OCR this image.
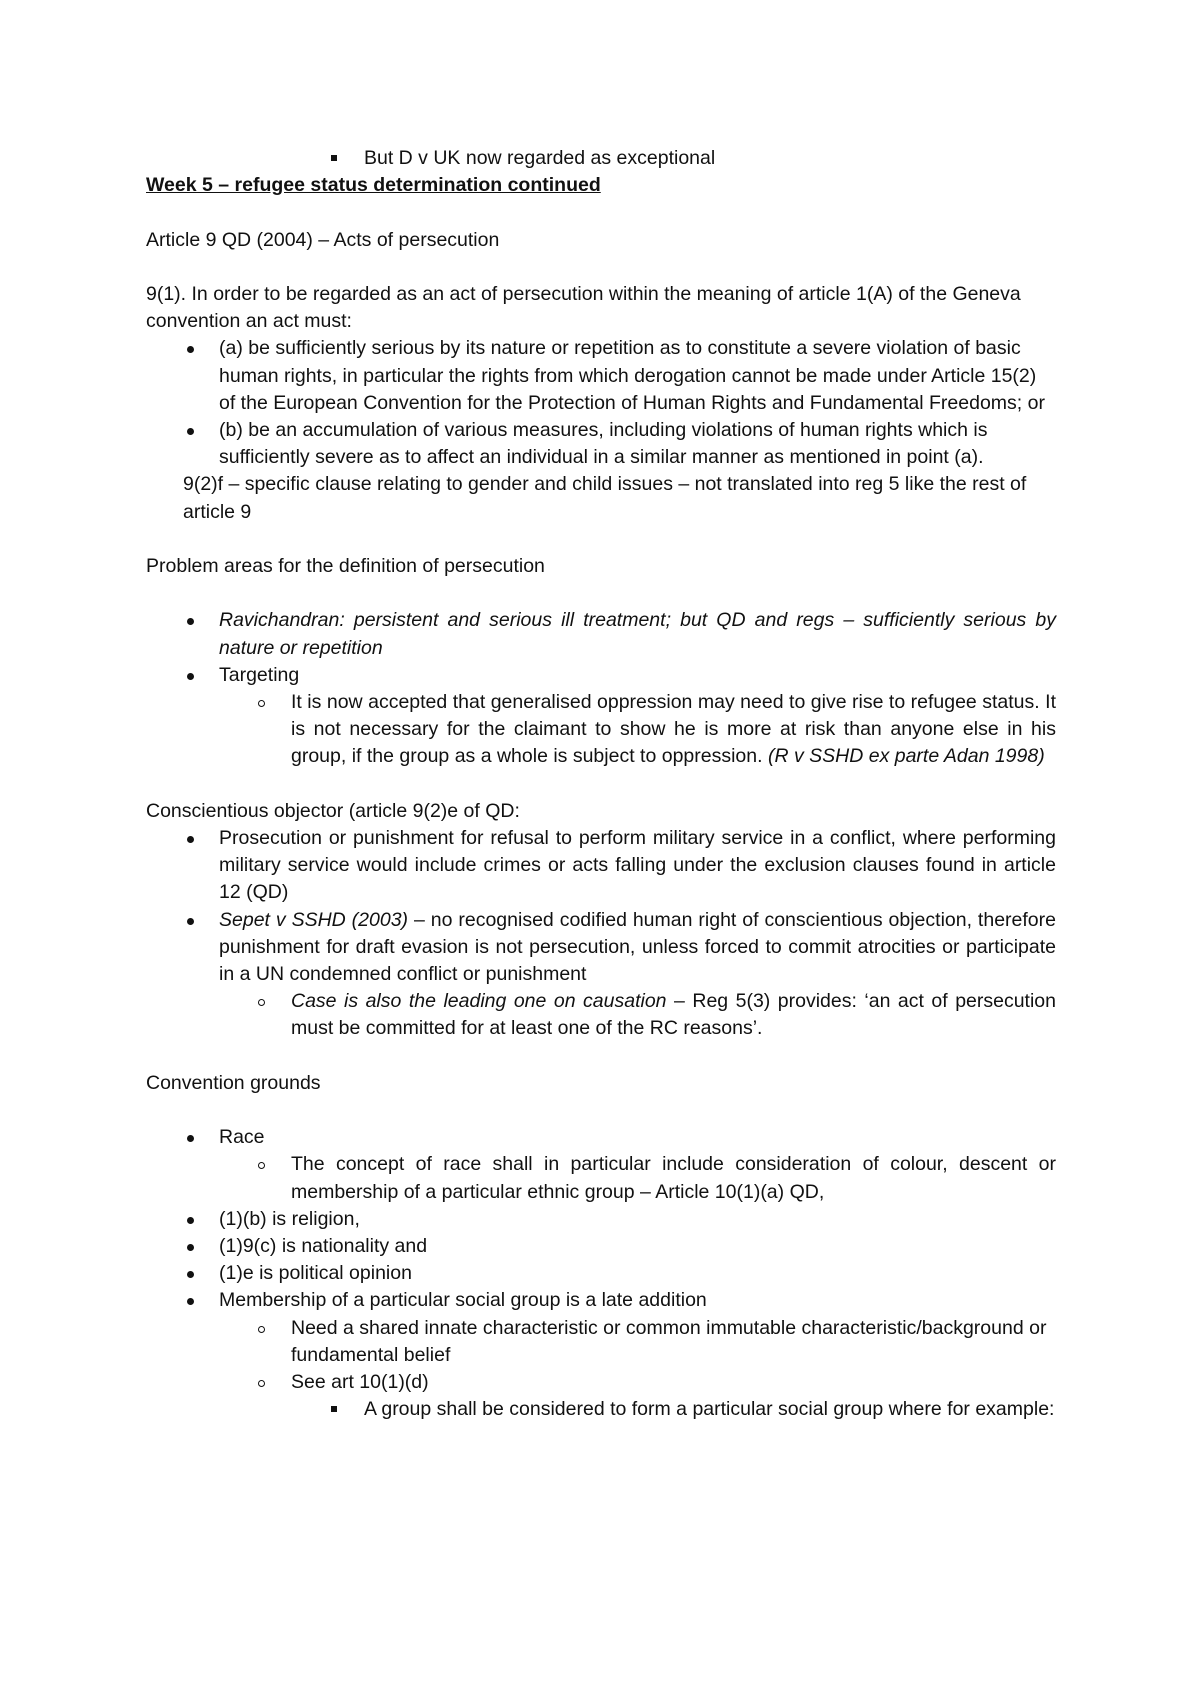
But D v UK now regarded as exceptional

Week 5 – refugee status determination continued

Article 9 QD (2004) – Acts of persecution

9(1). In order to be regarded as an act of persecution within the meaning of article 1(A) of the Geneva convention an act must:

(a) be sufficiently serious by its nature or repetition as to constitute a severe violation of basic human rights, in particular the rights from which derogation cannot be made under Article 15(2) of the European Convention for the Protection of Human Rights and Fundamental Freedoms; or
(b) be an accumulation of various measures, including violations of human rights which is sufficiently severe as to affect an individual in a similar manner as mentioned in point (a).

9(2)f – specific clause relating to gender and child issues – not translated into reg 5 like the rest of article 9

Problem areas for the definition of persecution

Ravichandran: persistent and serious ill treatment; but QD and regs – sufficiently serious by nature or repetition
Targeting
It is now accepted that generalised oppression may need to give rise to refugee status. It is not necessary for the claimant to show he is more at risk than anyone else in his group, if the group as a whole is subject to oppression. (R v SSHD ex parte Adan 1998)

Conscientious objector (article 9(2)e of QD:

Prosecution or punishment for refusal to perform military service in a conflict, where performing military service would include crimes or acts falling under the exclusion clauses found in article 12 (QD)
Sepet v SSHD (2003) – no recognised codified human right of conscientious objection, therefore punishment for draft evasion is not persecution, unless forced to commit atrocities or participate in a UN condemned conflict or punishment
Case is also the leading one on causation – Reg 5(3) provides: ‘an act of persecution must be committed for at least one of the RC reasons’.

Convention grounds

Race
The concept of race shall in particular include consideration of colour, descent or membership of a particular ethnic group – Article 10(1)(a) QD,
(1)(b) is religion,
(1)9(c) is nationality and
(1)e is political opinion
Membership of a particular social group is a late addition
Need a shared innate characteristic or common immutable characteristic/background or fundamental belief
See art 10(1)(d)
A group shall be considered to form a particular social group where for example:
